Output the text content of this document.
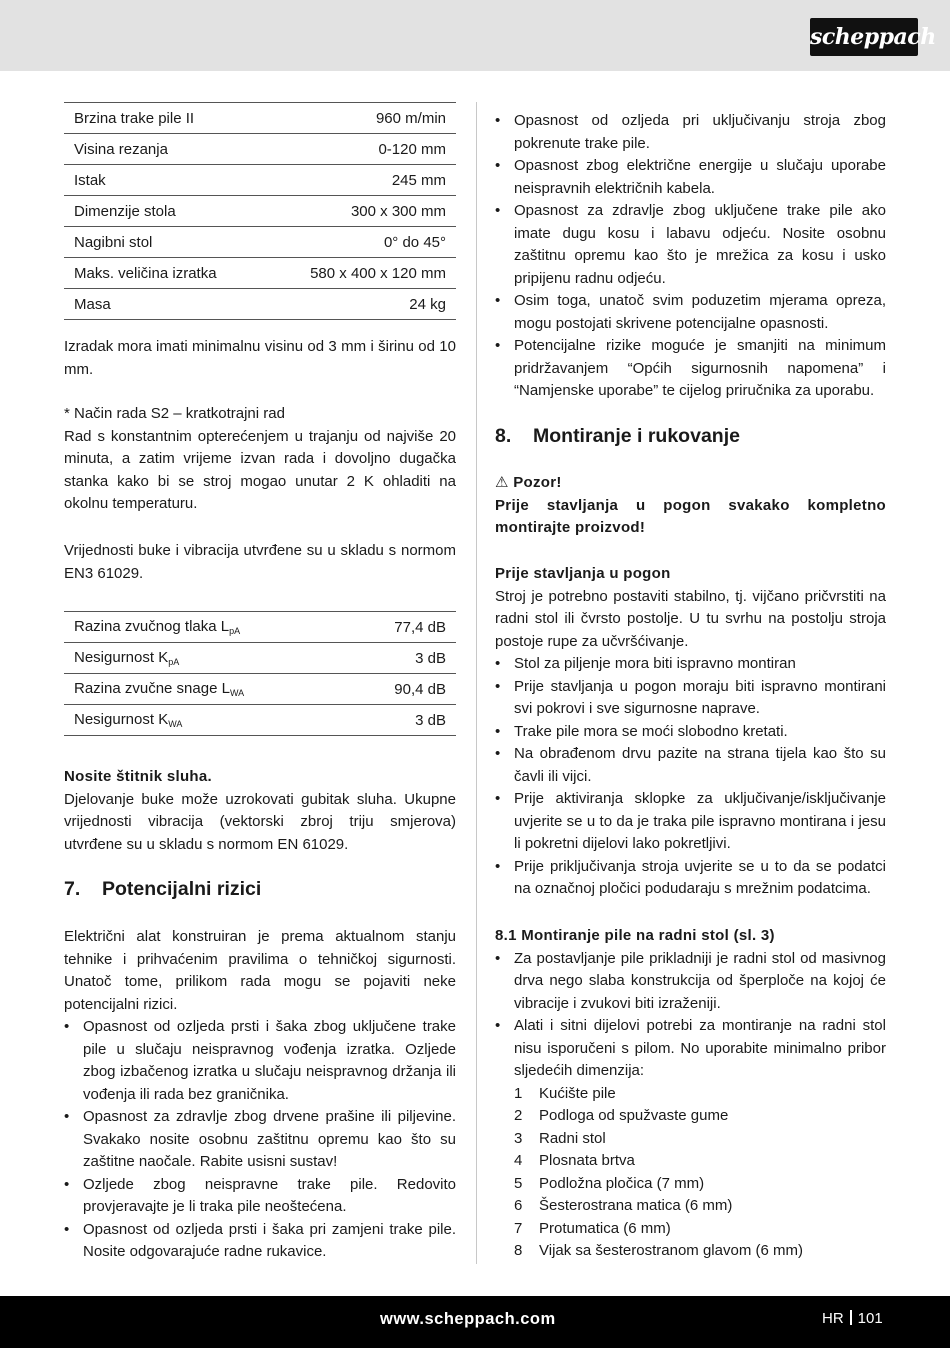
scheppach
Brzina trake pile II	960 m/min
Visina rezanja	0-120 mm
Istak	245 mm
Dimenzije stola	300 x 300 mm
Nagibni stol	0° do 45°
Maks. veličina izratka	580 x 400 x 120 mm
Masa	24 kg

Izradak mora imati minimalnu visinu od 3 mm i širinu od 10 mm.

* Način rada S2 – kratkotrajni rad

Rad s konstantnim opterećenjem u trajanju od najviše 20 minuta, a zatim vrijeme izvan rada i dovoljno dugačka stanka kako bi se stroj mogao unutar 2 K ohladiti na okolnu temperaturu.

Vrijednosti buke i vibracija utvrđene su u skladu s normom EN3 61029.

Razina zvučnog tlaka $L_{pA}$	77,4 dB
Nesigurnost $K_{pA}$	3 dB
Razina zvučne snage $L_{WA}$	90,4 dB
Nesigurnost $K_{WA}$	3 dB

Nosite štitnik sluha.

Djelovanje buke može uzrokovati gubitak sluha. Ukupne vrijednosti vibracija (vektorski zbroj triju smjerova) utvrđene su u skladu s normom EN 61029.

7. Potencijalni rizici

Električni alat konstruiran je prema aktualnom stanju tehnike i prihvaćenim pravilima o tehničkoj sigurnosti. Unatoč tome, prilikom rada mogu se pojaviti neke potencijalni rizici.

• Opasnost od ozljeda prsti i šaka zbog uključene trake pile u slučaju neispravnog vođenja izratka. Ozljede zbog izbačenog izratka u slučaju neispravnog držanja ili vođenja ili rada bez graničnika.
• Opasnost za zdravlje zbog drvene prašine ili piljevine. Svakako nosite osobnu zaštitnu opremu kao što su zaštitne naočale. Rabite usisni sustav!
• Ozljede zbog neispravne trake pile. Redovito provjeravajte je li traka pile neoštećena.
• Opasnost od ozljeda prsti i šaka pri zamjeni trake pile. Nosite odgovarajuće radne rukavice.
• Opasnost od ozljeda pri uključivanju stroja zbog pokrenute trake pile.
• Opasnost zbog električne energije u slučaju uporabe neispravnih električnih kabela.
• Opasnost za zdravlje zbog uključene trake pile ako imate dugu kosu i labavu odjeću. Nosite osobnu zaštitnu opremu kao što je mrežica za kosu i usko pripijenu radnu odjeću.
• Osim toga, unatoč svim poduzetim mjerama opreza, mogu postojati skrivene potencijalne opasnosti.
• Potencijalne rizike moguće je smanjiti na minimum pridržavanjem “Općih sigurnosnih napomena” i “Namjenske uporabe” te cijelog priručnika za uporabu.
8. Montiranje i rukovanje

⚠ Pozor!

Prije stavljanja u pogon svakako kompletno montirajte proizvod!

Prije stavljanja u pogon

Stroj je potrebno postaviti stabilno, tj. vijčano pričvrstiti na radni stol ili čvrsto postolje. U tu svrhu na postolju stroja postoje rupe za učvršćivanje.

• Stol za piljenje mora biti ispravno montiran
• Prije stavljanja u pogon moraju biti ispravno montirani svi pokrovi i sve sigurnosne naprave.
• Trake pile mora se moći slobodno kretati.
• Na obrađenom drvu pazite na strana tijela kao što su čavli ili vijci.
• Prije aktiviranja sklopke za uključivanje/isključivanje uvjerite se u to da je traka pile ispravno montirana i jesu li pokretni dijelovi lako pokretljivi.
• Prije priključivanja stroja uvjerite se u to da se podatci na označnoj pločici podudaraju s mrežnim podatcima.

8.1 Montiranje pile na radni stol (sl. 3)

• Za postavljanje pile prikladniji je radni stol od masivnog drva nego slaba konstrukcija od šperploče na kojoj će vibracije i zvukovi biti izraženiji.
• Alati i sitni dijelovi potrebi za montiranje na radni stol nisu isporučeni s pilom. No uporabite minimalno pribor sljedećih dimenzija:
1 Kućište pile
2 Podloga od spužvaste gume
3 Radni stol
4 Plosnata brtva
5 Podložna pločica (7 mm)
6 Šesterostrana matica (6 mm)
7 Protumatica (6 mm)
8 Vijak sa šesterostranom glavom (6 mm)
www.scheppach.com	HR 101
